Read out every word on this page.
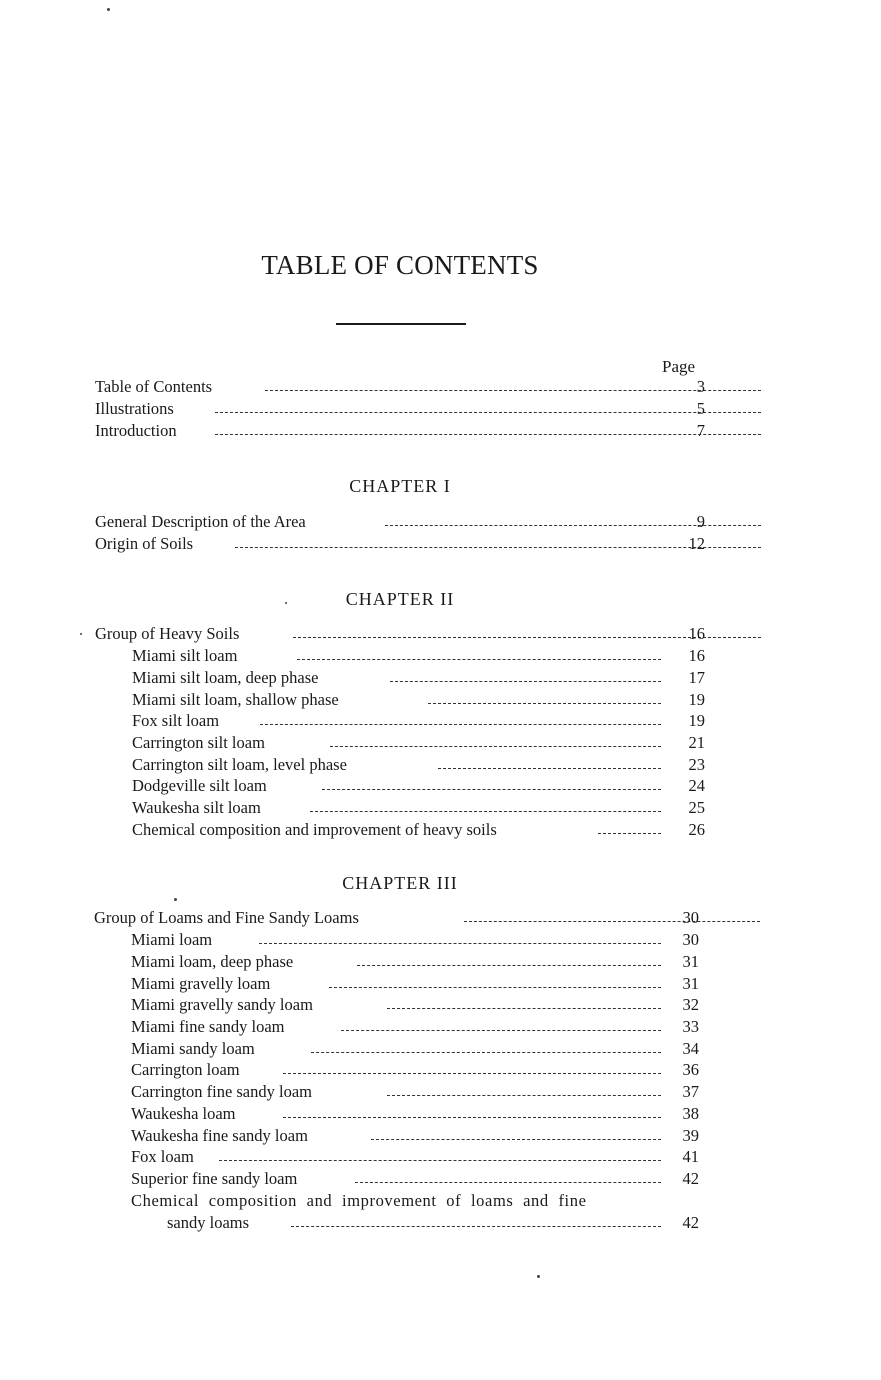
TABLE OF CONTENTS
Page
Table of Contents	3
Illustrations	5
Introduction	7
CHAPTER I
General Description of the Area	9
Origin of Soils	12
CHAPTER II
Group of Heavy Soils	16
Miami silt loam	16
Miami silt loam, deep phase	17
Miami silt loam, shallow phase	19
Fox silt loam	19
Carrington silt loam	21
Carrington silt loam, level phase	23
Dodgeville silt loam	24
Waukesha silt loam	25
Chemical composition and improvement of heavy soils	26
CHAPTER III
Group of Loams and Fine Sandy Loams	30
Miami loam	30
Miami loam, deep phase	31
Miami gravelly loam	31
Miami gravelly sandy loam	32
Miami fine sandy loam	33
Miami sandy loam	34
Carrington loam	36
Carrington fine sandy loam	37
Waukesha loam	38
Waukesha fine sandy loam	39
Fox loam	41
Superior fine sandy loam	42
Chemical composition and improvement of loams and fine
sandy loams	42
